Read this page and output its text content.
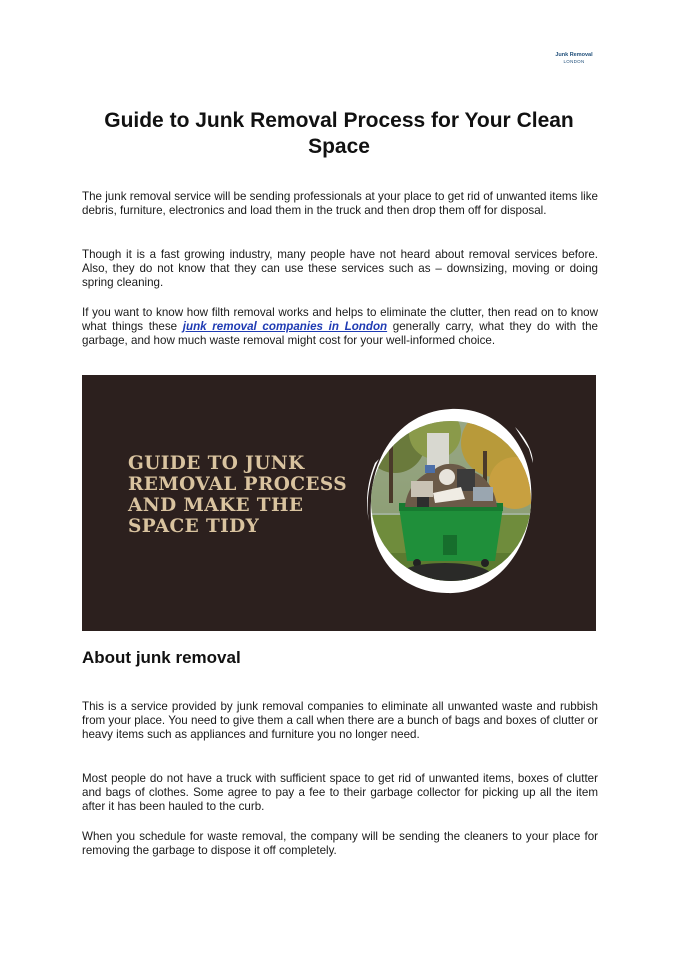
Junk Removal
LONDON
Guide to Junk Removal Process for Your Clean Space

The junk removal service will be sending professionals at your place to get rid of unwanted items like debris, furniture, electronics and load them in the truck and then drop them off for disposal.

Though it is a fast growing industry, many people have not heard about removal services before. Also, they do not know that they can use these services such as – downsizing, moving or doing spring cleaning.

If you want to know how filth removal works and helps to eliminate the clutter, then read on to know what things these junk removal companies in London generally carry, what they do with the garbage, and how much waste removal might cost for your well-informed choice.

GUIDE TO JUNK
REMOVAL PROCESS
AND MAKE THE
SPACE TIDY
About junk removal

This is a service provided by junk removal companies to eliminate all unwanted waste and rubbish from your place. You need to give them a call when there are a bunch of bags and boxes of clutter or heavy items such as appliances and furniture you no longer need.

Most people do not have a truck with sufficient space to get rid of unwanted items, boxes of clutter and bags of clothes. Some agree to pay a fee to their garbage collector for picking up all the item after it has been hauled to the curb.

When you schedule for waste removal, the company will be sending the cleaners to your place for removing the garbage to dispose it off completely.
